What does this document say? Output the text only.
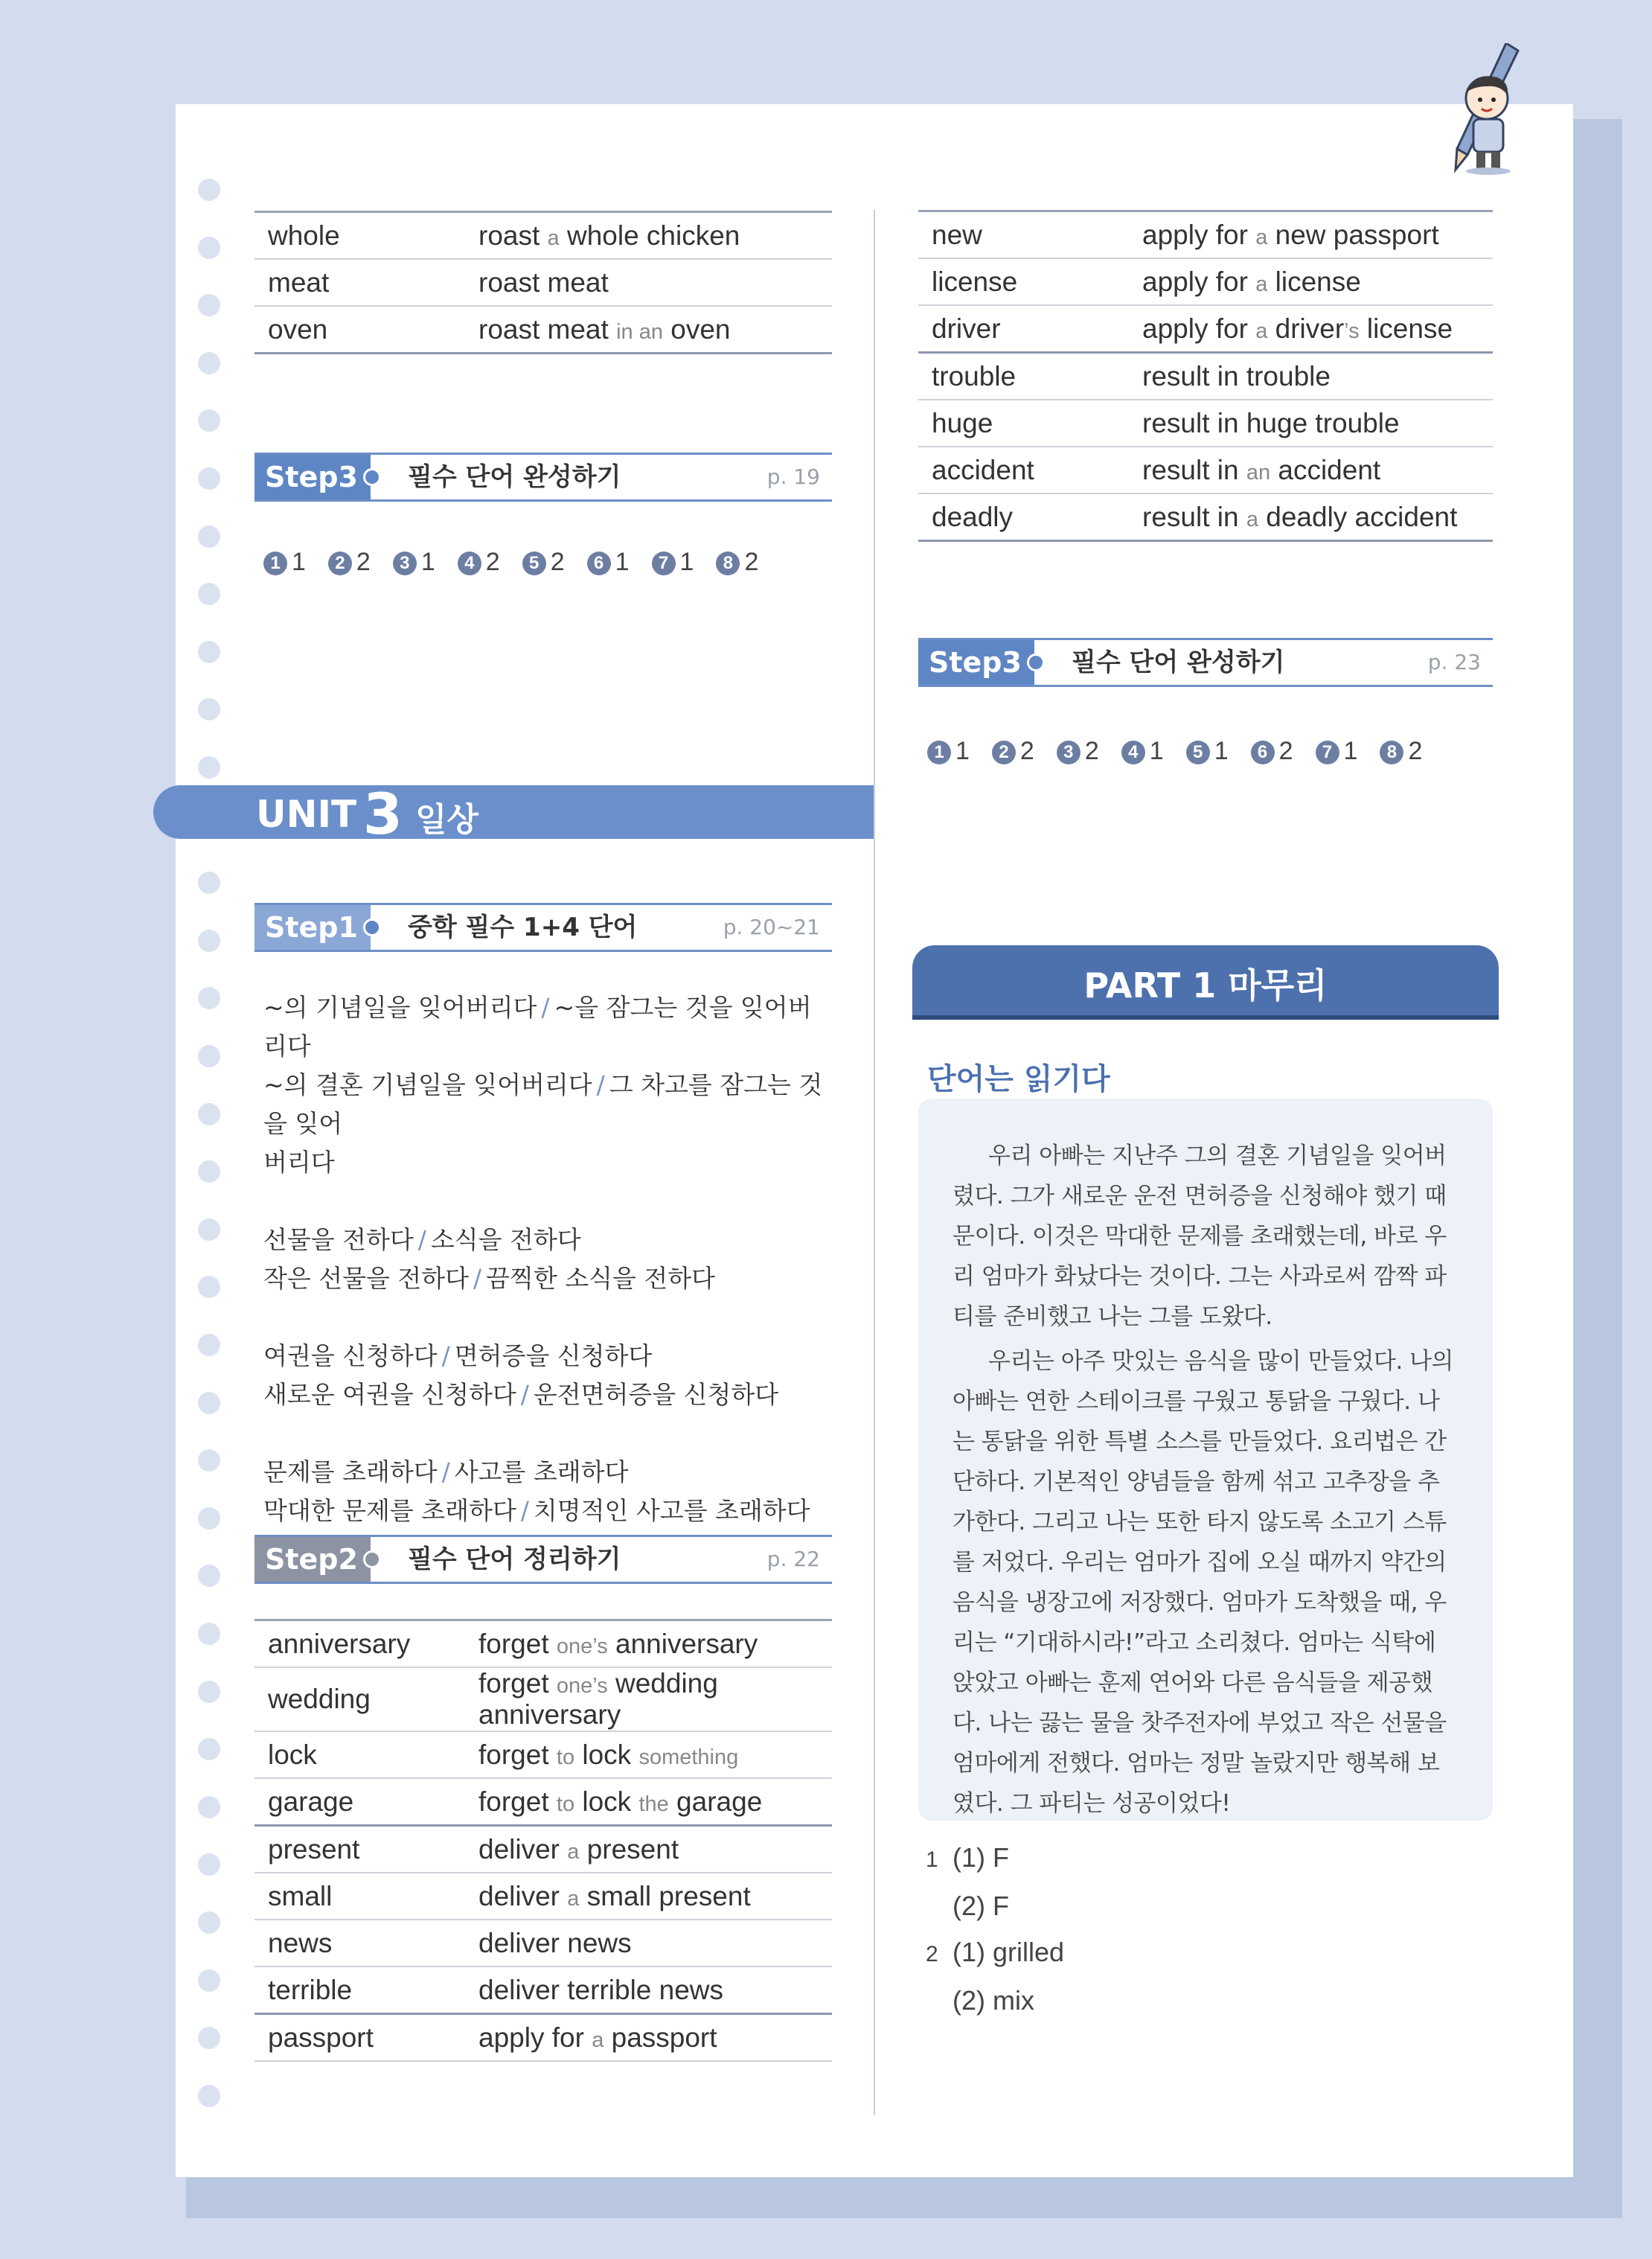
whole	roast a whole chicken
meat	roast meat
oven	roast meat in an oven
Step3	필수 단어 완성하기	p. 19
1 1 2 2 3 1 4 2 5 2 6 1 7 1 8 2
UNIT 3 일상
Step1	중학 필수 1+4 단어	p. 20~21

~의 기념일을 잊어버리다 / ~을 잠그는 것을 잊어버리다

~의 결혼 기념일을 잊어버리다 / 그 차고를 잠그는 것을 잊어

버리다

선물을 전하다 / 소식을 전하다

작은 선물을 전하다 / 끔찍한 소식을 전하다

여권을 신청하다 / 면허증을 신청하다

새로운 여권을 신청하다 / 운전면허증을 신청하다

문제를 초래하다 / 사고를 초래하다

막대한 문제를 초래하다 / 치명적인 사고를 초래하다

Step2	필수 단어 정리하기	p. 22
anniversary	forget one’s anniversary
wedding	forget one’s wedding anniversary
lock	forget to lock something
garage	forget to lock the garage
present	deliver a present
small	deliver a small present
news	deliver news
terrible	deliver terrible news
passport	apply for a passport
new	apply for a new passport
license	apply for a license
driver	apply for a driver’s license
trouble	result in trouble
huge	result in huge trouble
accident	result in an accident
deadly	result in a deadly accident
Step3	필수 단어 완성하기	p. 23
1 1 2 2 3 2 4 1 5 1 6 2 7 1 8 2
PART 1 마무리
단어는 읽기다

우리 아빠는 지난주 그의 결혼 기념일을 잊어버렸다. 그가 새로운 운전 면허증을 신청해야 했기 때문이다. 이것은 막대한 문제를 초래했는데, 바로 우리 엄마가 화났다는 것이다. 그는 사과로써 깜짝 파티를 준비했고 나는 그를 도왔다.

우리는 아주 맛있는 음식을 많이 만들었다. 나의 아빠는 연한 스테이크를 구웠고 통닭을 구웠다. 나는 통닭을 위한 특별 소스를 만들었다. 요리법은 간단하다. 기본적인 양념들을 함께 섞고 고추장을 추가한다. 그리고 나는 또한 타지 않도록 소고기 스튜를 저었다. 우리는 엄마가 집에 오실 때까지 약간의 음식을 냉장고에 저장했다. 엄마가 도착했을 때, 우리는 “기대하시라!”라고 소리쳤다. 엄마는 식탁에 앉았고 아빠는 훈제 연어와 다른 음식들을 제공했다. 나는 끓는 물을 찻주전자에 부었고 작은 선물을 엄마에게 전했다. 엄마는 정말 놀랐지만 행복해 보였다. 그 파티는 성공이었다!

1 (1) F
(2) F
2 (1) grilled
(2) mix
